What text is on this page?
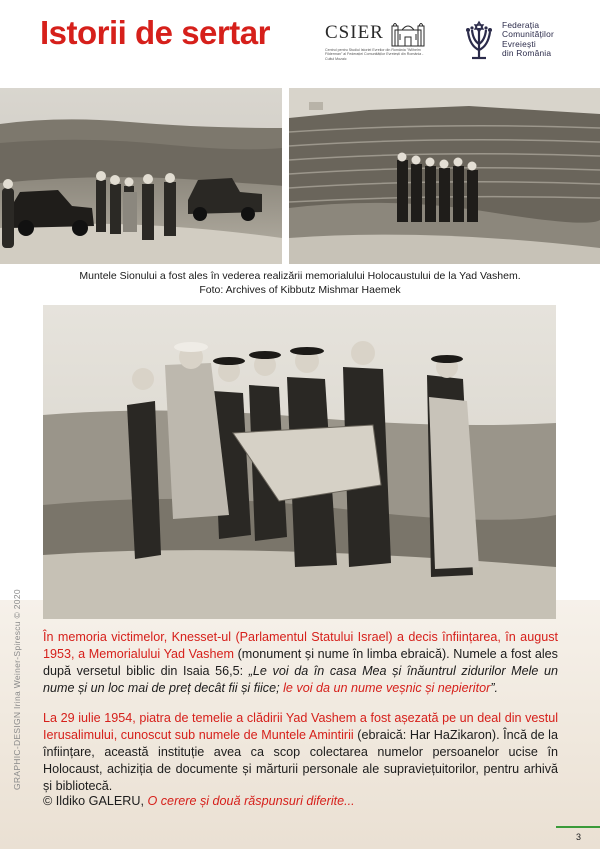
Istorii de sertar	CSIER
Centrul pentru Studiul Istoriei Evreilor din România "Wilhelm Filderman" al Federației Comunităților Evreiești din România - Cultul Mozaic
Federația
Comunităților
Evreiești
din România
Muntele Sionului a fost ales în vederea realizării memorialului Holocaustului de la Yad Vashem.
Foto: Archives of Kibbutz Mishmar Haemek
În memoria victimelor, Knesset-ul (Parlamentul Statului Israel) a decis înființarea, în august 1953, a Memorialului Yad Vashem (monument și nume în limba ebraică). Numele a fost ales după versetul biblic din Isaia 56,5: „Le voi da în casa Mea și înăuntrul zidurilor Mele un nume și un loc mai de preț decât fii și fiice; le voi da un nume veșnic și nepieritor”.
La 29 iulie 1954, piatra de temelie a clădirii Yad Vashem a fost așezată pe un deal din vestul Ierusalimului, cunoscut sub numele de Muntele Amintirii (ebraică: Har HaZikaron). Încă de la înființare, această instituție avea ca scop colectarea numelor persoanelor ucise în Holocaust, achiziția de documente și mărturii personale ale supraviețuitorilor, pentru arhivă și bibliotecă.
© Ildiko GALERU, O cerere și două răspunsuri diferite...
GRAPHIC-DESIGN Irina Weiner-Spirescu © 2020
3
